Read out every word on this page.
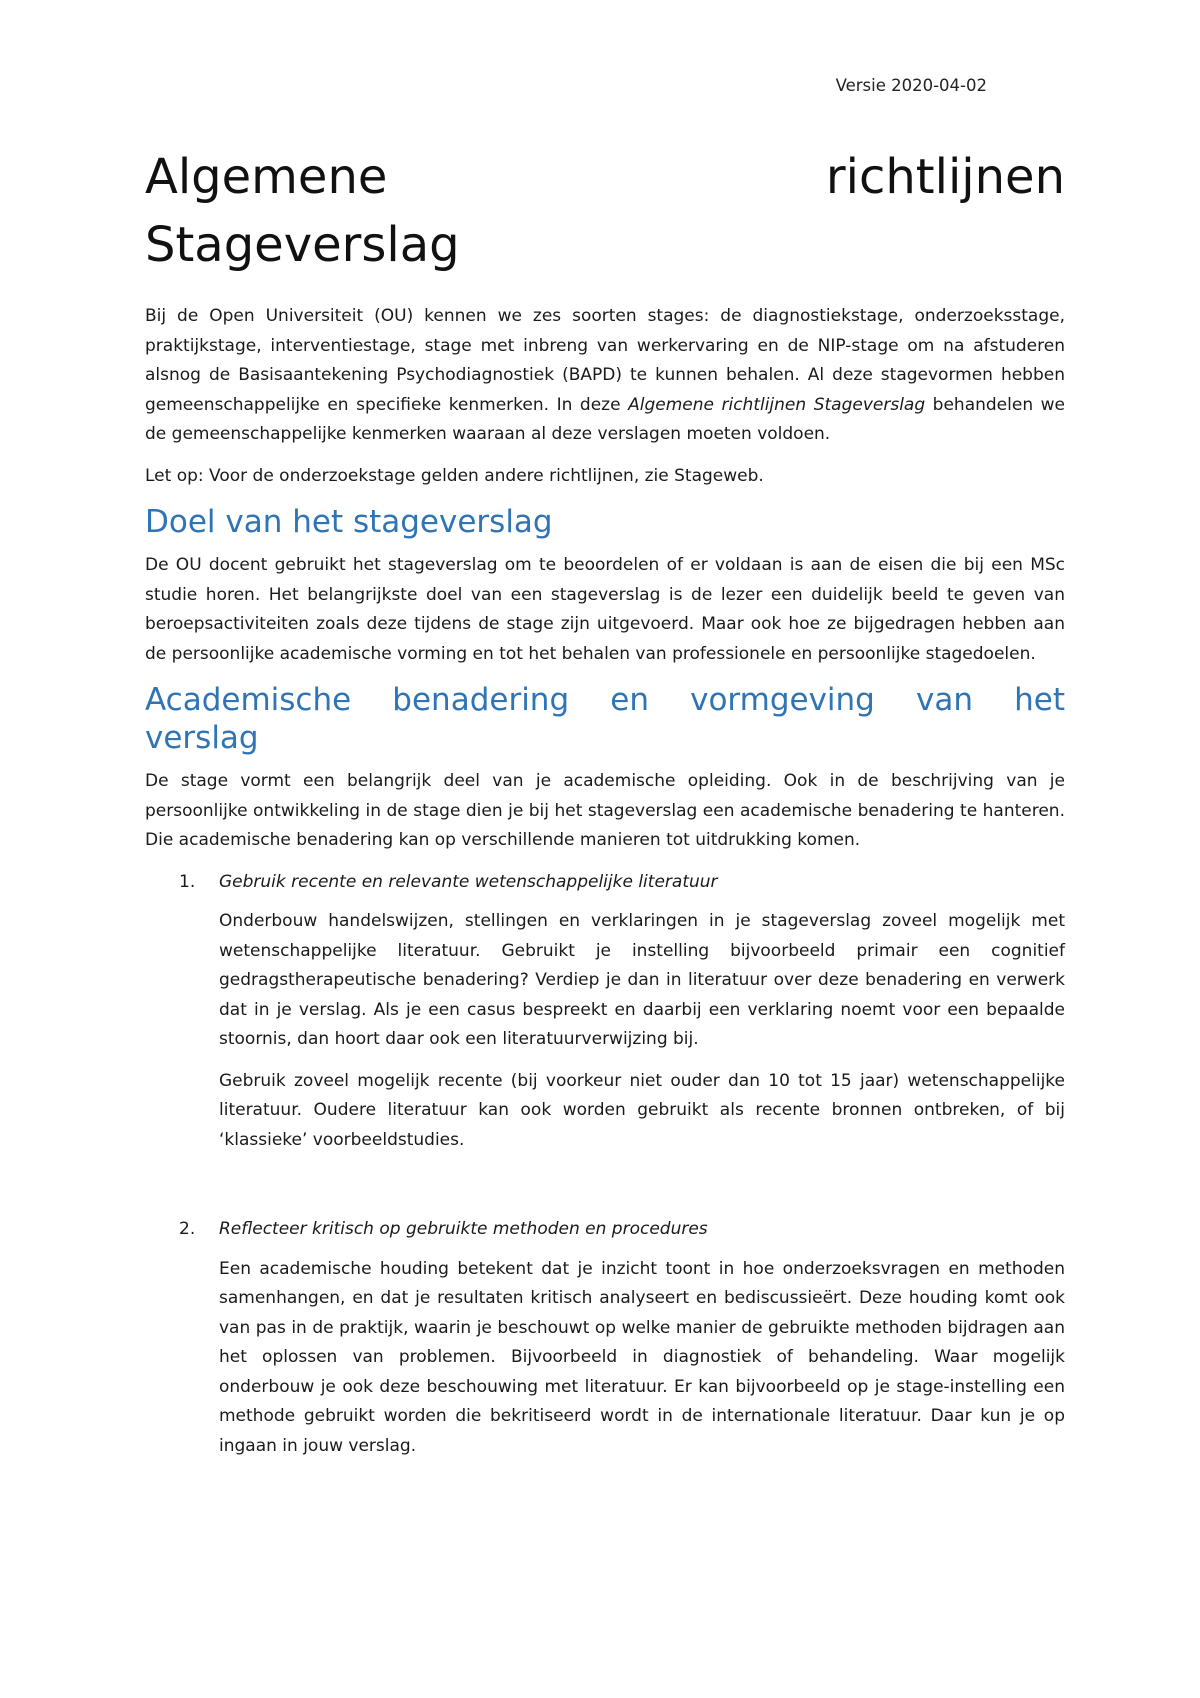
Versie 2020-04-02
Algemene	richtlijnen
Stageverslag

Bij de Open Universiteit (OU) kennen we zes soorten stages: de diagnostiekstage, onderzoeksstage, praktijkstage, interventiestage, stage met inbreng van werkervaring en de NIP-stage om na afstuderen alsnog de Basisaantekening Psychodiagnostiek (BAPD) te kunnen behalen. Al deze stagevormen hebben gemeenschappelijke en specifieke kenmerken. In deze Algemene richtlijnen Stageverslag behandelen we de gemeenschappelijke kenmerken waaraan al deze verslagen moeten voldoen.

Let op: Voor de onderzoekstage gelden andere richtlijnen, zie Stageweb.

Doel van het stageverslag

De OU docent gebruikt het stageverslag om te beoordelen of er voldaan is aan de eisen die bij een MSc studie horen. Het belangrijkste doel van een stageverslag is de lezer een duidelijk beeld te geven van beroepsactiviteiten zoals deze tijdens de stage zijn uitgevoerd. Maar ook hoe ze bijgedragen hebben aan de persoonlijke academische vorming en tot het behalen van professionele en persoonlijke stagedoelen.

Academische benadering en vormgeving van het
verslag

De stage vormt een belangrijk deel van je academische opleiding. Ook in de beschrijving van je persoonlijke ontwikkeling in de stage dien je bij het stageverslag een academische benadering te hanteren. Die academische benadering kan op verschillende manieren tot uitdrukking komen.

1. Gebruik recente en relevante wetenschappelijke literatuur

Onderbouw handelswijzen, stellingen en verklaringen in je stageverslag zoveel mogelijk met wetenschappelijke literatuur. Gebruikt je instelling bijvoorbeeld primair een cognitief gedragstherapeutische benadering? Verdiep je dan in literatuur over deze benadering en verwerk dat in je verslag. Als je een casus bespreekt en daarbij een verklaring noemt voor een bepaalde stoornis, dan hoort daar ook een literatuurverwijzing bij.

Gebruik zoveel mogelijk recente (bij voorkeur niet ouder dan 10 tot 15 jaar) wetenschappelijke literatuur. Oudere literatuur kan ook worden gebruikt als recente bronnen ontbreken, of bij ‘klassieke’ voorbeeldstudies.

2. Reflecteer kritisch op gebruikte methoden en procedures

Een academische houding betekent dat je inzicht toont in hoe onderzoeksvragen en methoden samenhangen, en dat je resultaten kritisch analyseert en bediscussieërt. Deze houding komt ook van pas in de praktijk, waarin je beschouwt op welke manier de gebruikte methoden bijdragen aan het oplossen van problemen. Bijvoorbeeld in diagnostiek of behandeling. Waar mogelijk onderbouw je ook deze beschouwing met literatuur. Er kan bijvoorbeeld op je stage-instelling een methode gebruikt worden die bekritiseerd wordt in de internationale literatuur. Daar kun je op ingaan in jouw verslag.
